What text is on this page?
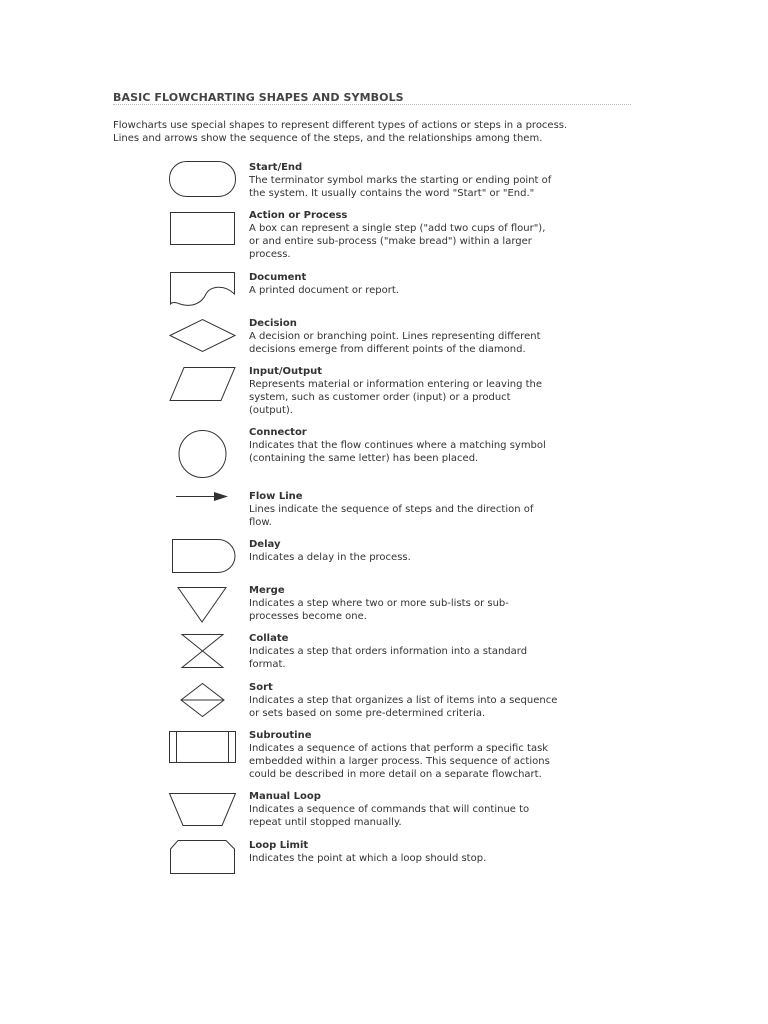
BASIC FLOWCHARTING SHAPES AND SYMBOLS
Flowcharts use special shapes to represent different types of actions or steps in a process.
Lines and arrows show the sequence of the steps, and the relationships among them.
Start/End
The terminator symbol marks the starting or ending point of
the system. It usually contains the word "Start" or "End."
Action or Process
A box can represent a single step ("add two cups of flour"),
or and entire sub-process ("make bread") within a larger
process.
Document
A printed document or report.
Decision
A decision or branching point. Lines representing different
decisions emerge from different points of the diamond.
Input/Output
Represents material or information entering or leaving the
system, such as customer order (input) or a product
(output).
Connector
Indicates that the flow continues where a matching symbol
(containing the same letter) has been placed.
Flow Line
Lines indicate the sequence of steps and the direction of
flow.
Delay
Indicates a delay in the process.
Merge
Indicates a step where two or more sub-lists or sub-
processes become one.
Collate
Indicates a step that orders information into a standard
format.
Sort
Indicates a step that organizes a list of items into a sequence
or sets based on some pre-determined criteria.
Subroutine
Indicates a sequence of actions that perform a specific task
embedded within a larger process. This sequence of actions
could be described in more detail on a separate flowchart.
Manual Loop
Indicates a sequence of commands that will continue to
repeat until stopped manually.
Loop Limit
Indicates the point at which a loop should stop.
